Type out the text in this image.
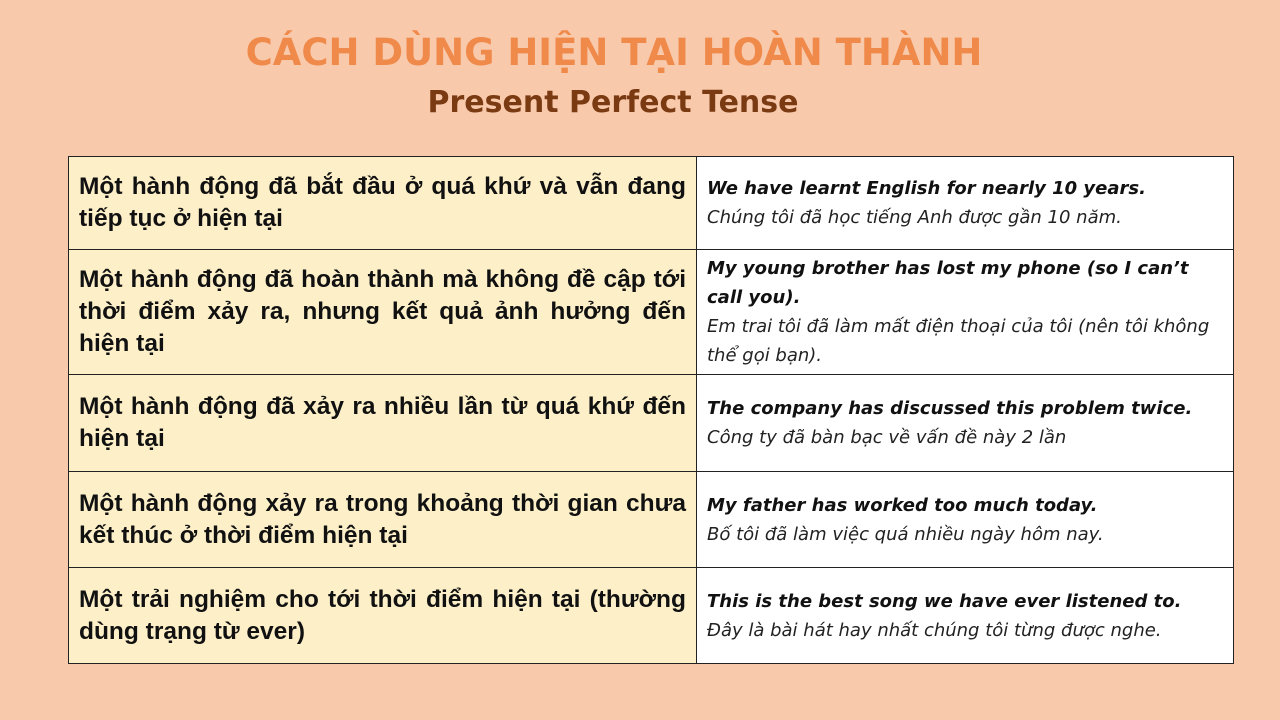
CÁCH DÙNG HIỆN TẠI HOÀN THÀNH
Present Perfect Tense
Một hành động đã bắt đầu ở quá khứ và vẫn đang tiếp tục ở hiện tại	We have learnt English for nearly 10 years.
Chúng tôi đã học tiếng Anh được gần 10 năm.

Một hành động đã hoàn thành mà không đề cập tới thời điểm xảy ra, nhưng kết quả ảnh hưởng đến hiện tại	My young brother has lost my phone (so I can’t call you).
Em trai tôi đã làm mất điện thoại của tôi (nên tôi không thể gọi bạn).

Một hành động đã xảy ra nhiều lần từ quá khứ đến hiện tại	The company has discussed this problem twice.
Công ty đã bàn bạc về vấn đề này 2 lần

Một hành động xảy ra trong khoảng thời gian chưa kết thúc ở thời điểm hiện tại	My father has worked too much today.
Bố tôi đã làm việc quá nhiều ngày hôm nay.

Một trải nghiệm cho tới thời điểm hiện tại (thường dùng trạng từ ever)	This is the best song we have ever listened to.
Đây là bài hát hay nhất chúng tôi từng được nghe.
